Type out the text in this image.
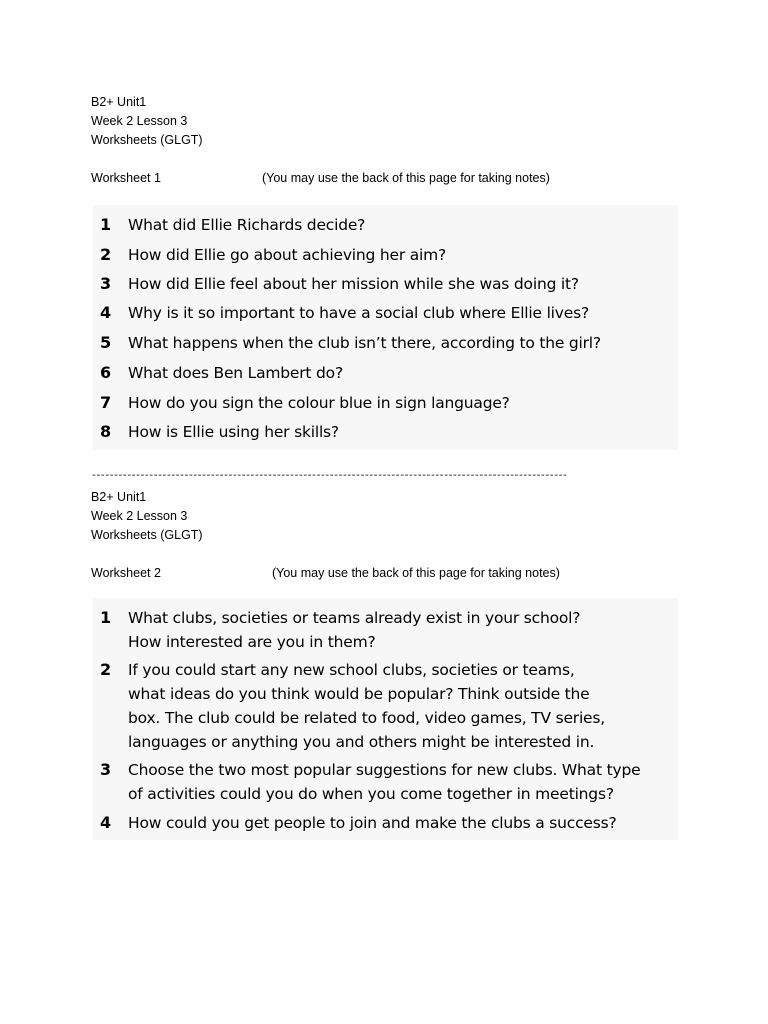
B2+ Unit1
Week 2 Lesson 3
Worksheets (GLGT)
Worksheet 1	(You may use the back of this page for taking notes)
1	What did Ellie Richards decide?
2	How did Ellie go about achieving her aim?
3	How did Ellie feel about her mission while she was doing it?
4	Why is it so important to have a social club where Ellie lives?
5	What happens when the club isn’t there, according to the girl?
6	What does Ben Lambert do?
7	How do you sign the colour blue in sign language?
8	How is Ellie using her skills?
------------------------------------------------------------------------------------------------------------
B2+ Unit1
Week 2 Lesson 3
Worksheets (GLGT)
Worksheet 2	(You may use the back of this page for taking notes)
1	What clubs, societies or teams already exist in your school?
How interested are you in them?
2	If you could start any new school clubs, societies or teams,
what ideas do you think would be popular? Think outside the
box. The club could be related to food, video games, TV series,
languages or anything you and others might be interested in.
3	Choose the two most popular suggestions for new clubs. What type
of activities could you do when you come together in meetings?
4	How could you get people to join and make the clubs a success?
